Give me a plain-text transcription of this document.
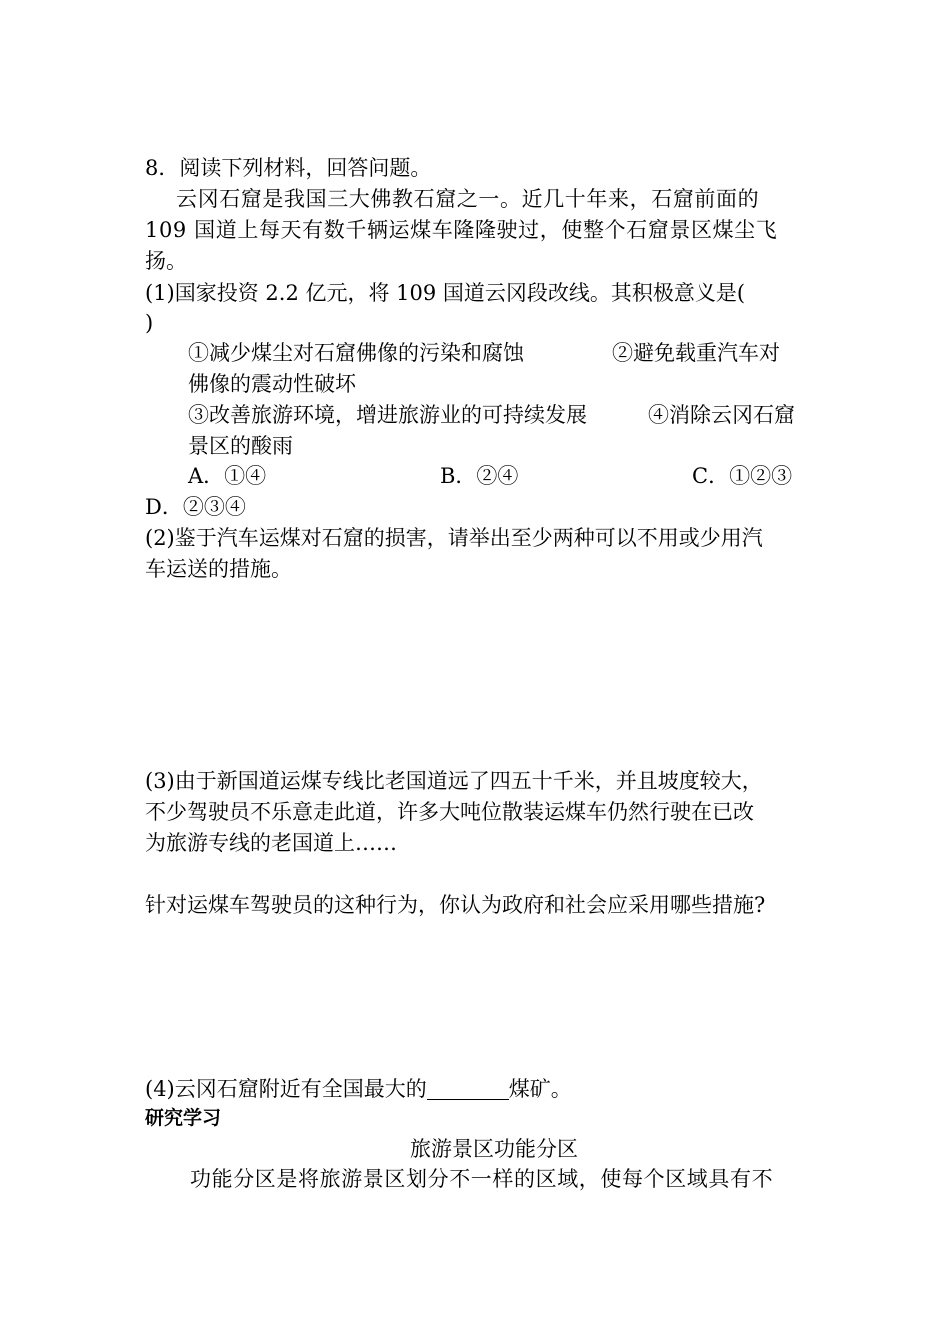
8．阅读下列材料，回答问题。
云冈石窟是我国三大佛教石窟之一。近几十年来，石窟前面的
109 国道上每天有数千辆运煤车隆隆驶过，使整个石窟景区煤尘飞
扬。
(1)国家投资 2.2 亿元，将 109 国道云冈段改线。其积极意义是(
)
①减少煤尘对石窟佛像的污染和腐蚀	②避免载重汽车对
佛像的震动性破坏
③改善旅游环境，增进旅游业的可持续发展	④消除云冈石窟
景区的酸雨
A．①④	B．②④	C．①②③
D．②③④
(2)鉴于汽车运煤对石窟的损害，请举出至少两种可以不用或少用汽
车运送的措施。
(3)由于新国道运煤专线比老国道远了四五十千米，并且坡度较大，
不少驾驶员不乐意走此道，许多大吨位散装运煤车仍然行驶在已改
为旅游专线的老国道上……
针对运煤车驾驶员的这种行为，你认为政府和社会应采用哪些措施?
(4)云冈石窟附近有全国最大的	煤矿。
研究学习
旅游景区功能分区
功能分区是将旅游景区划分不一样的区域，使每个区域具有不
